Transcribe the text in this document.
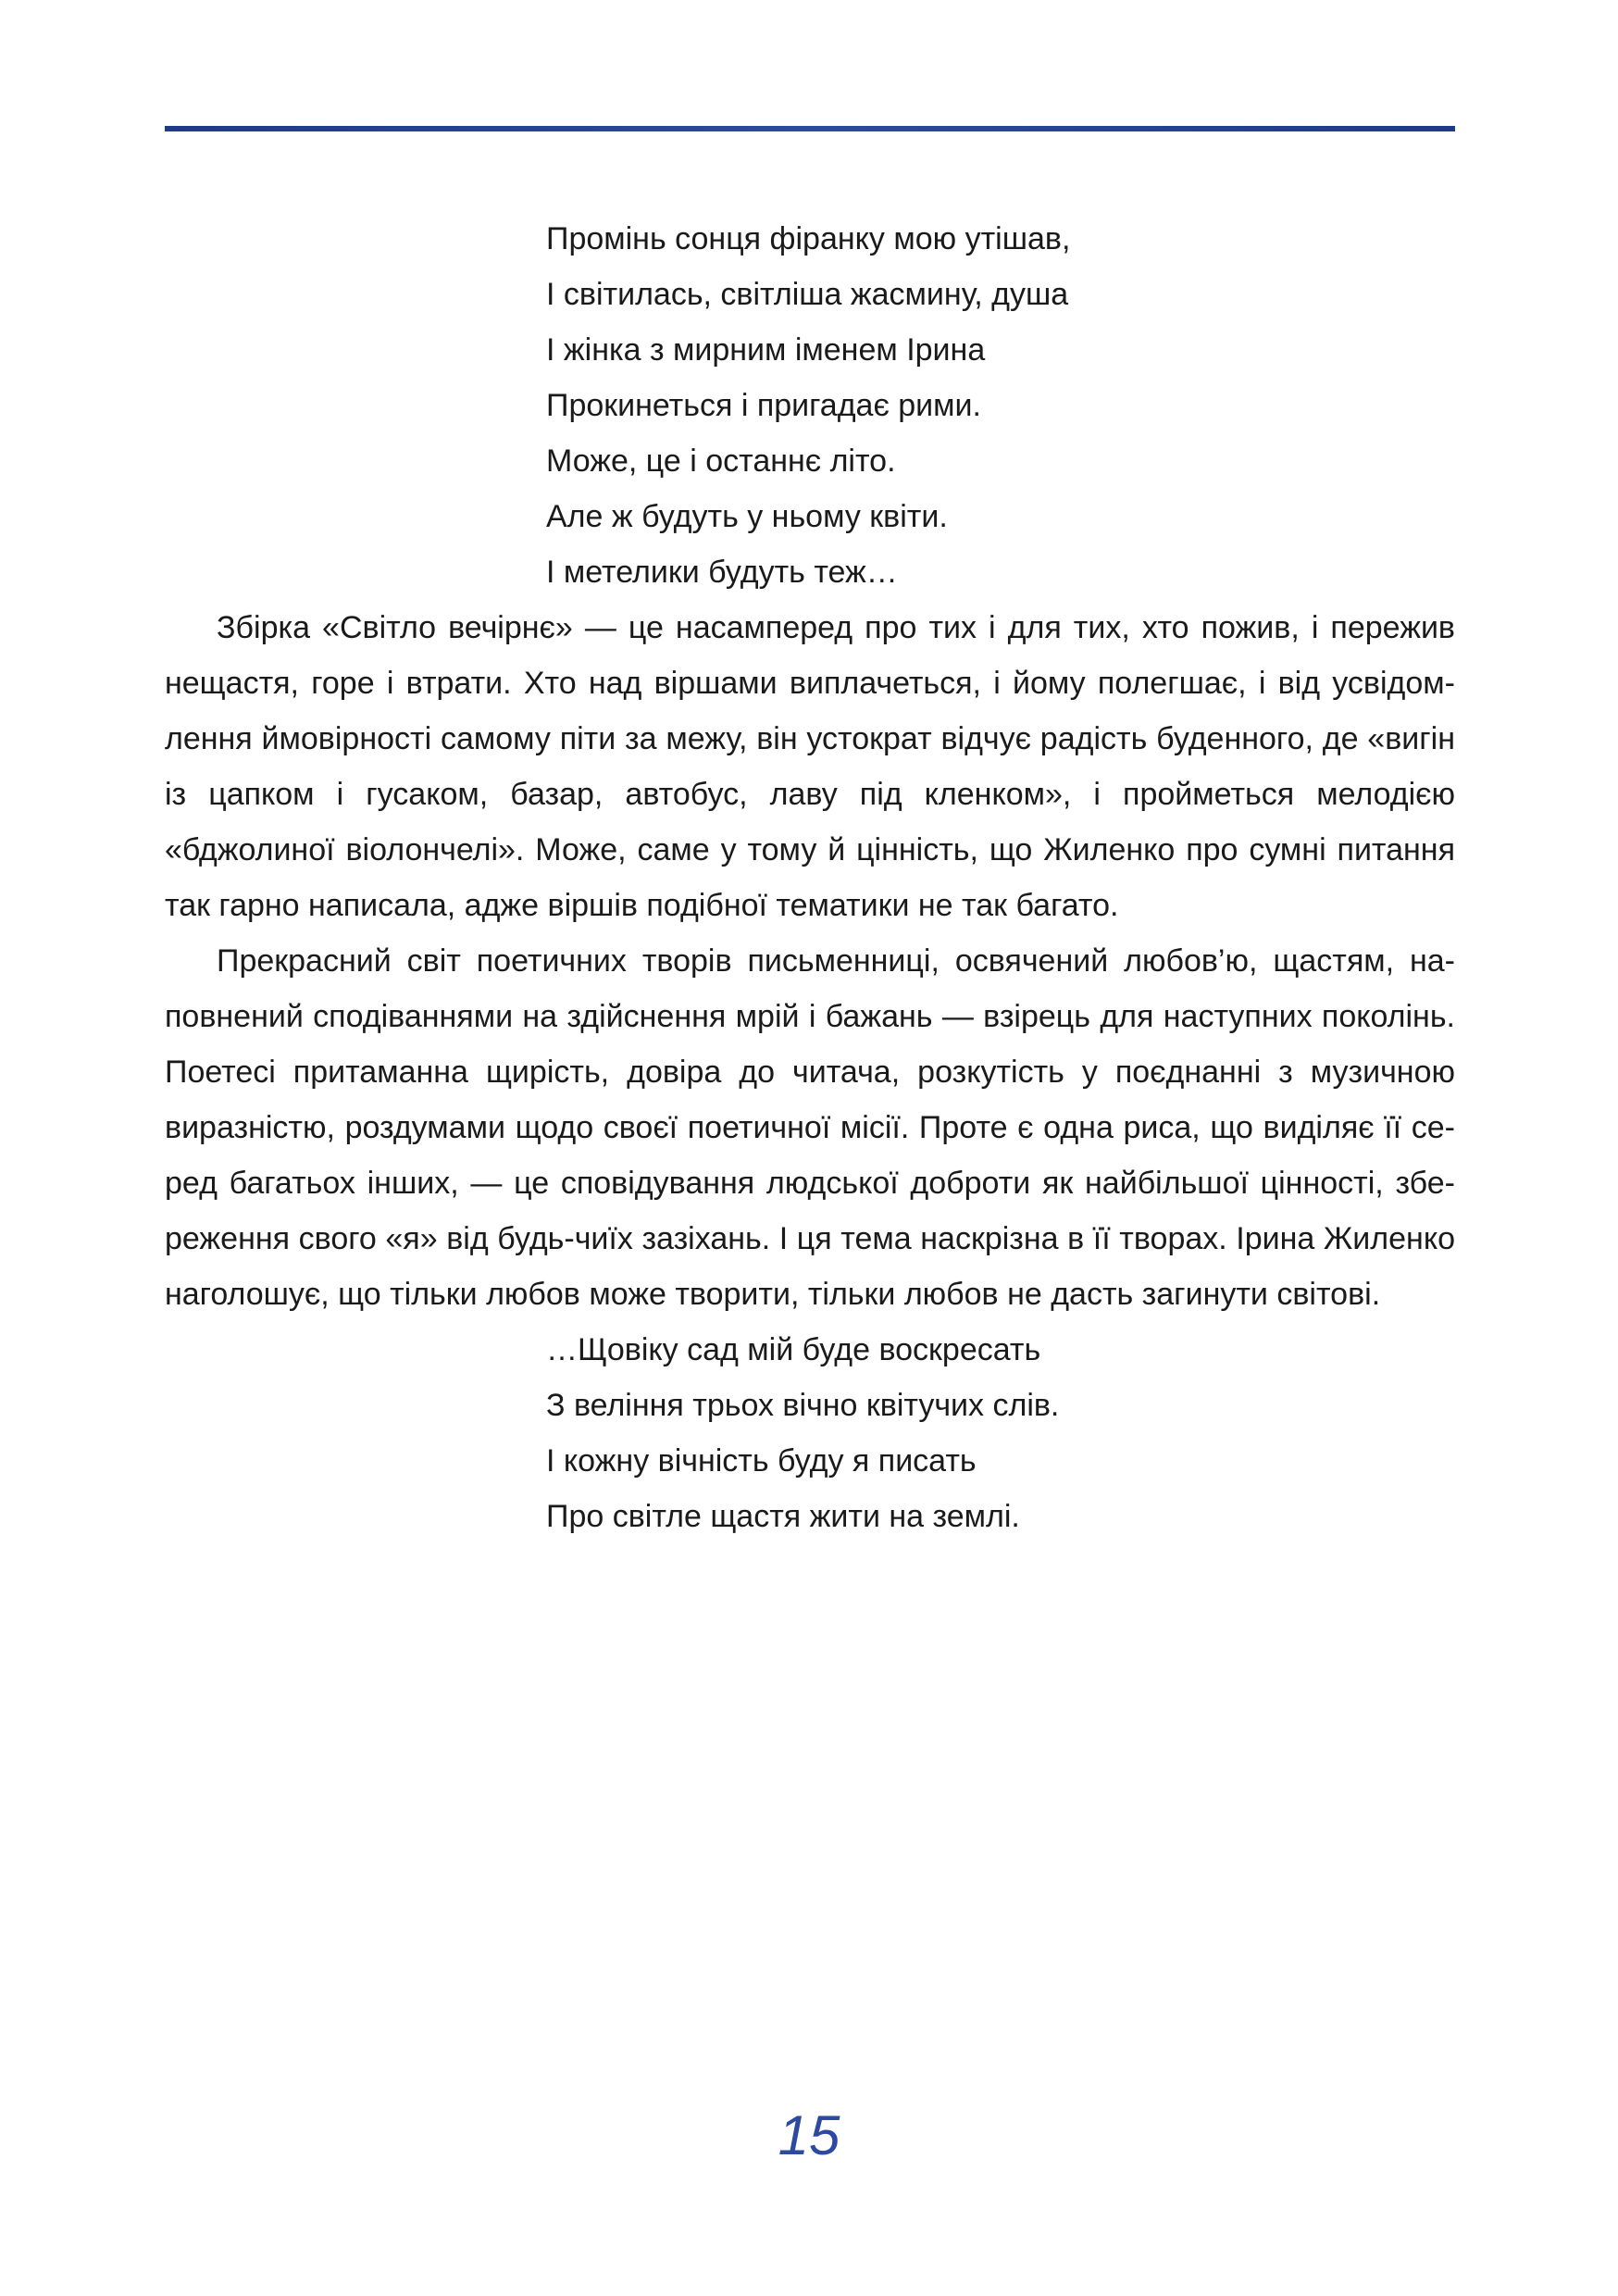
Промінь сонця фіранку мою утішав,
І світилась, світліша жасмину, душа
І жінка з мирним іменем Ірина
Прокинеться і пригадає рими.
Може, це і останнє літо.
Але ж будуть у ньому квіти.
І метелики будуть теж…

Збірка «Світло вечірнє» — це насамперед про тих і для тих, хто пожив, і пережив нещастя, горе і втрати. Хто над віршами виплачеться, і йому полегшає, і від усвідомлення ймовірності самому піти за межу, він устократ відчує радість буденного, де «вигін із цапком і гусаком, базар, автобус, лаву під кленком», і пройметься мелодією «бджолиної віолончелі». Може, саме у тому й цінність, що Жиленко про сумні питання так гарно написала, адже віршів подібної тематики не так багато.

Прекрасний світ поетичних творів письменниці, освячений любов’ю, щастям, наповнений сподіваннями на здійснення мрій і бажань — взірець для наступних поколінь. Поетесі притаманна щирість, довіра до читача, розкутість у поєднанні з музичною виразністю, роздумами щодо своєї поетичної місії. Проте є одна риса, що виділяє її серед багатьох інших, — це сповідування людської доброти як найбільшої цінності, збереження свого «я» від будь-чиїх зазіхань. І ця тема наскрізна в її творах. Ірина Жиленко наголошує, що тільки любов може творити, тільки любов не дасть загинути світові.

…Щовіку сад мій буде воскресать
З веління трьох вічно квітучих слів.
І кожну вічність буду я писать
Про світле щастя жити на землі.
15
